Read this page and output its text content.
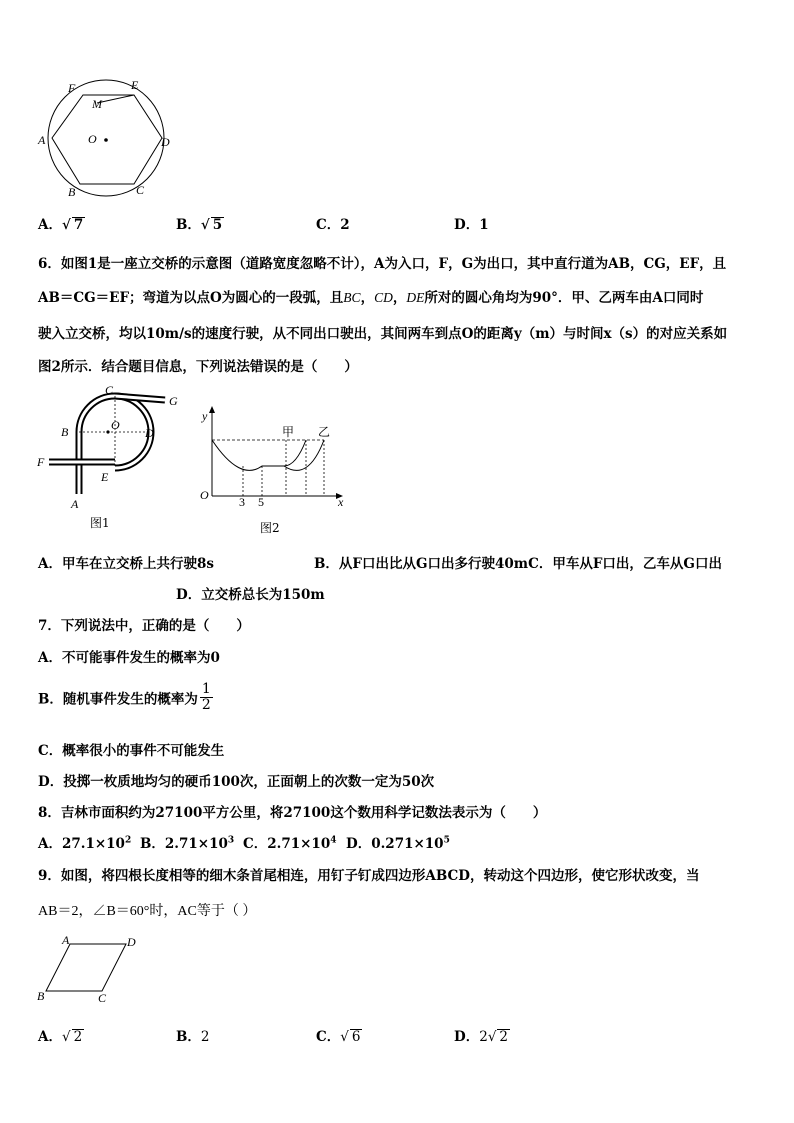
F	E
M
A	O	D
B	C
A．√ 7	B．√ 5	C．2	D．1
6．如图1是一座立交桥的示意图（道路宽度忽略不计），A为入口，F，G为出口，其中直行道为AB，CG，EF，且
AB＝CG＝EF；弯道为以点O为圆心的一段弧，且BC，CD，DE所对的圆心角均为90°．甲、乙两车由A口同时
驶入立交桥，均以10m/s的速度行驶，从不同出口驶出，其间两车到点O的距离y（m）与时间x（s）的对应关系如
图2所示．结合题目信息，下列说法错误的是（　　）
C
G
O
B	D
F
E
A
图1
y
甲 乙
O	3 5	x
图2
A．甲车在立交桥上共行驶8s	B．从F口出比从G口出多行驶40mC．甲车从F口出，乙车从G口出
D．立交桥总长为150m
7．下列说法中，正确的是（　　）
A．不可能事件发生的概率为0
B．随机事件发生的概率为 $\frac{1}{2}$
C．概率很小的事件不可能发生
D．投掷一枚质地均匀的硬币100次，正面朝上的次数一定为50次
8．吉林市面积约为27100平方公里，将27100这个数用科学记数法表示为（　　）
A．$27.1\times 10^2$ B．$2.71\times 10^3$ C．$2.71\times 10^4$ D．$0.271\times 10^5$
9．如图，将四根长度相等的细木条首尾相连，用钉子钉成四边形ABCD，转动这个四边形，使它形状改变，当
AB＝2，∠B＝60°时，AC等于（ ）
A	D
B	C
A．√ 2	B．2	C．√ 6	D．2√ 2
